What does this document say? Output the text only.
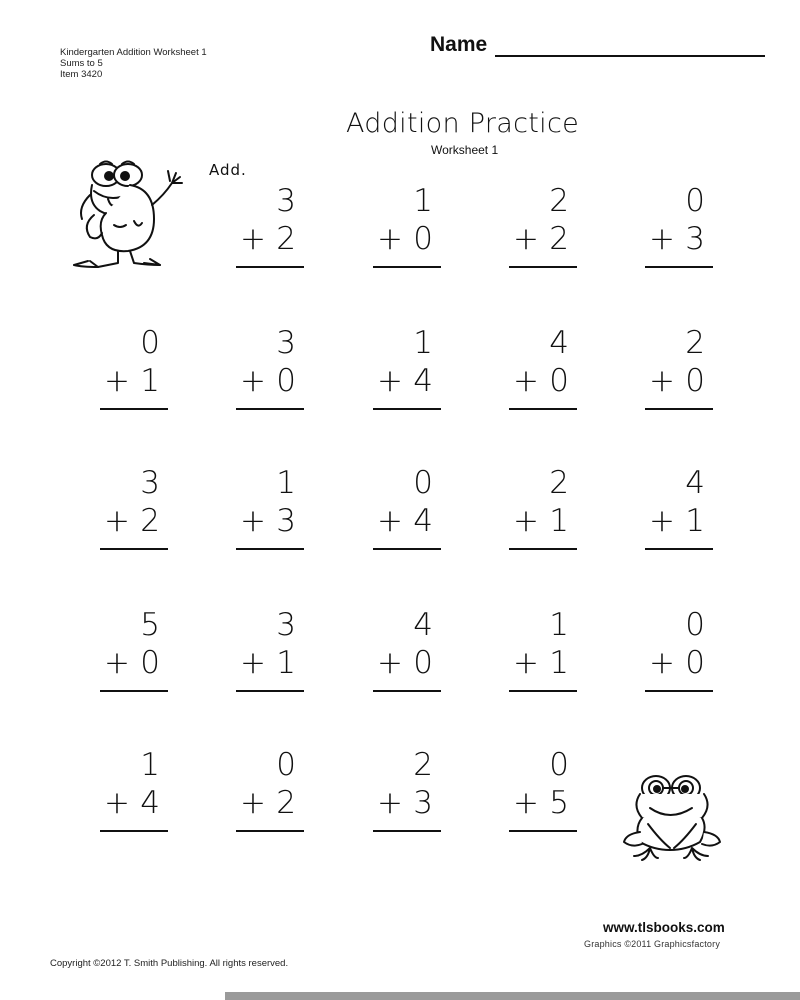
Kindergarten Addition Worksheet 1
Sums to 5
Item 3420
Name
Addition Practice
Worksheet 1
Add.
3
+ 2
1
+ 0
2
+ 2
0
+ 3
0
+ 1
3
+ 0
1
+ 4
4
+ 0
2
+ 0
3
+ 2
1
+ 3
0
+ 4
2
+ 1
4
+ 1
5
+ 0
3
+ 1
4
+ 0
1
+ 1
0
+ 0
1
+ 4
0
+ 2
2
+ 3
0
+ 5
www.tlsbooks.com
Graphics ©2011 Graphicsfactory
Copyright ©2012 T. Smith Publishing. All rights reserved.
